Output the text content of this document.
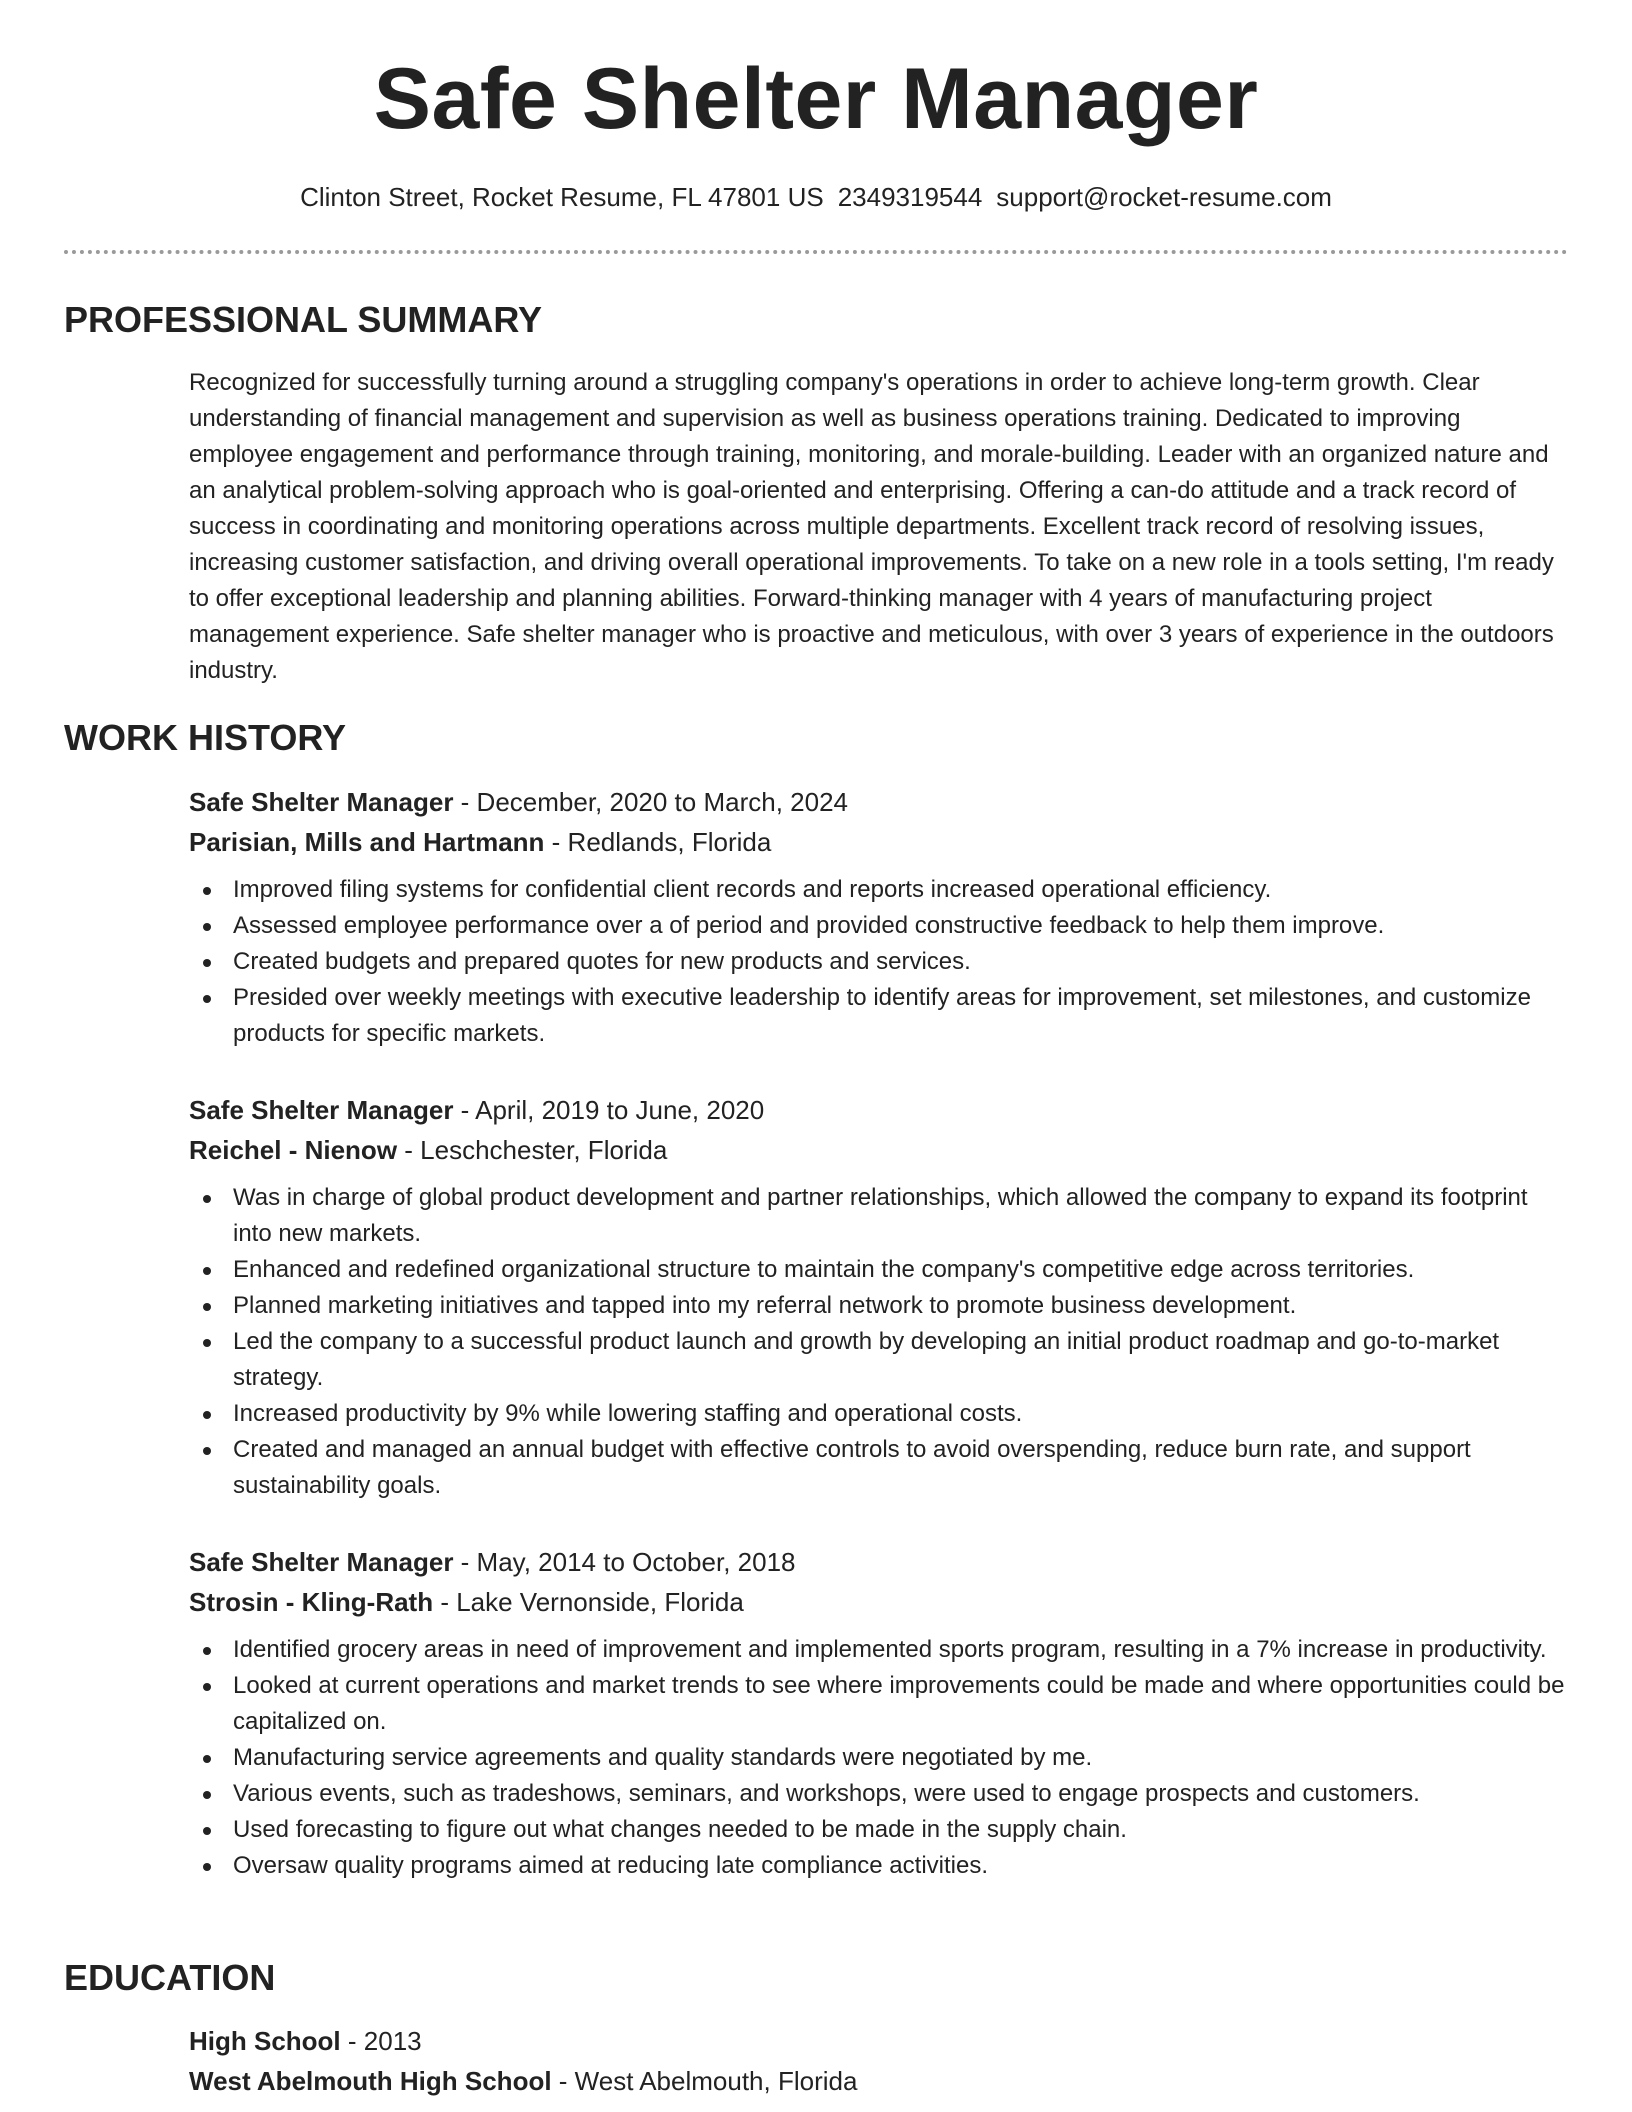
Safe Shelter Manager
Clinton Street, Rocket Resume, FL 47801 US 2349319544 support@rocket-resume.com
PROFESSIONAL SUMMARY

Recognized for successfully turning around a struggling company's operations in order to achieve long-term growth. Clear understanding of financial management and supervision as well as business operations training. Dedicated to improving employee engagement and performance through training, monitoring, and morale-building. Leader with an organized nature and an analytical problem-solving approach who is goal-oriented and enterprising. Offering a can-do attitude and a track record of success in coordinating and monitoring operations across multiple departments. Excellent track record of resolving issues, increasing customer satisfaction, and driving overall operational improvements. To take on a new role in a tools setting, I'm ready to offer exceptional leadership and planning abilities. Forward-thinking manager with 4 years of manufacturing project management experience. Safe shelter manager who is proactive and meticulous, with over 3 years of experience in the outdoors industry.

WORK HISTORY
Safe Shelter Manager - December, 2020 to March, 2024
Parisian, Mills and Hartmann - Redlands, Florida
Improved filing systems for confidential client records and reports increased operational efficiency.
Assessed employee performance over a of period and provided constructive feedback to help them improve.
Created budgets and prepared quotes for new products and services.
Presided over weekly meetings with executive leadership to identify areas for improvement, set milestones, and customize products for specific markets.
Safe Shelter Manager - April, 2019 to June, 2020
Reichel - Nienow - Leschchester, Florida
Was in charge of global product development and partner relationships, which allowed the company to expand its footprint into new markets.
Enhanced and redefined organizational structure to maintain the company's competitive edge across territories.
Planned marketing initiatives and tapped into my referral network to promote business development.
Led the company to a successful product launch and growth by developing an initial product roadmap and go-to-market strategy.
Increased productivity by 9% while lowering staffing and operational costs.
Created and managed an annual budget with effective controls to avoid overspending, reduce burn rate, and support sustainability goals.
Safe Shelter Manager - May, 2014 to October, 2018
Strosin - Kling-Rath - Lake Vernonside, Florida
Identified grocery areas in need of improvement and implemented sports program, resulting in a 7% increase in productivity.
Looked at current operations and market trends to see where improvements could be made and where opportunities could be capitalized on.
Manufacturing service agreements and quality standards were negotiated by me.
Various events, such as tradeshows, seminars, and workshops, were used to engage prospects and customers.
Used forecasting to figure out what changes needed to be made in the supply chain.
Oversaw quality programs aimed at reducing late compliance activities.
EDUCATION
High School - 2013
West Abelmouth High School - West Abelmouth, Florida
